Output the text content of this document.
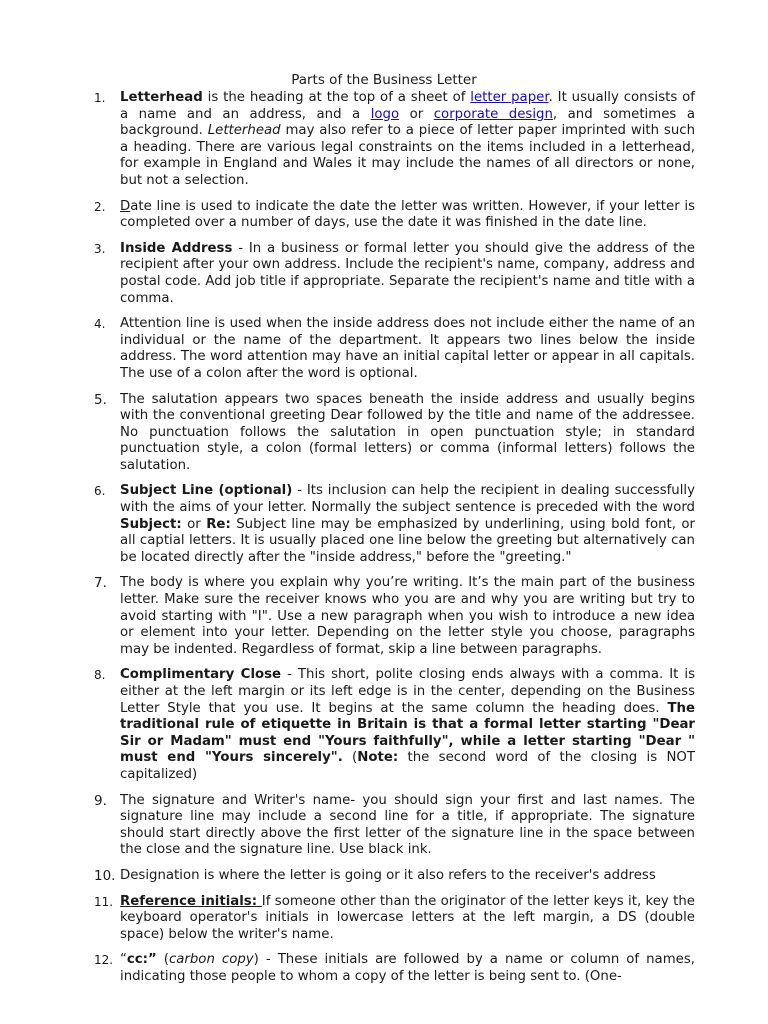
Parts of the Business Letter
1.	Letterhead is the heading at the top of a sheet of letter paper. It usually consists of a name and an address, and a logo or corporate design, and sometimes a background. Letterhead may also refer to a piece of letter paper imprinted with such a heading. There are various legal constraints on the items included in a letterhead, for example in England and Wales it may include the names of all directors or none, but not a selection.
2.	Date line is used to indicate the date the letter was written. However, if your letter is completed over a number of days, use the date it was finished in the date line.
3.	Inside Address - In a business or formal letter you should give the address of the recipient after your own address. Include the recipient's name, company, address and postal code. Add job title if appropriate. Separate the recipient's name and title with a comma.
4.	Attention line is used when the inside address does not include either the name of an individual or the name of the department. It appears two lines below the inside address. The word attention may have an initial capital letter or appear in all capitals. The use of a colon after the word is optional.
5. The salutation appears two spaces beneath the inside address and usually begins with the conventional greeting Dear followed by the title and name of the addressee. No punctuation follows the salutation in open punctuation style; in standard punctuation style, a colon (formal letters) or comma (informal letters) follows the salutation.
6.	Subject Line (optional) - Its inclusion can help the recipient in dealing successfully with the aims of your letter. Normally the subject sentence is preceded with the word Subject: or Re: Subject line may be emphasized by underlining, using bold font, or all captial letters. It is usually placed one line below the greeting but alternatively can be located directly after the "inside address," before the "greeting."
7. The body is where you explain why you’re writing. It’s the main part of the business letter. Make sure the receiver knows who you are and why you are writing but try to avoid starting with "I". Use a new paragraph when you wish to introduce a new idea or element into your letter. Depending on the letter style you choose, paragraphs may be indented. Regardless of format, skip a line between paragraphs.
8.	Complimentary Close - This short, polite closing ends always with a comma. It is either at the left margin or its left edge is in the center, depending on the Business Letter Style that you use. It begins at the same column the heading does. The traditional rule of etiquette in Britain is that a formal letter starting "Dear Sir or Madam" must end "Yours faithfully", while a letter starting "Dear " must end "Yours sincerely". (Note: the second word of the closing is NOT capitalized)
9. The signature and Writer's name- you should sign your first and last names. The signature line may include a second line for a title, if appropriate. The signature should start directly above the first letter of the signature line in the space between the close and the signature line. Use black ink.
10. Designation is where the letter is going or it also refers to the receiver's address
11. Reference initials: If someone other than the originator of the letter keys it, key the keyboard operator's initials in lowercase letters at the left margin, a DS (double space) below the writer's name.
12. “cc:” (carbon copy) - These initials are followed by a name or column of names, indicating those people to whom a copy of the letter is being sent to. (One-
